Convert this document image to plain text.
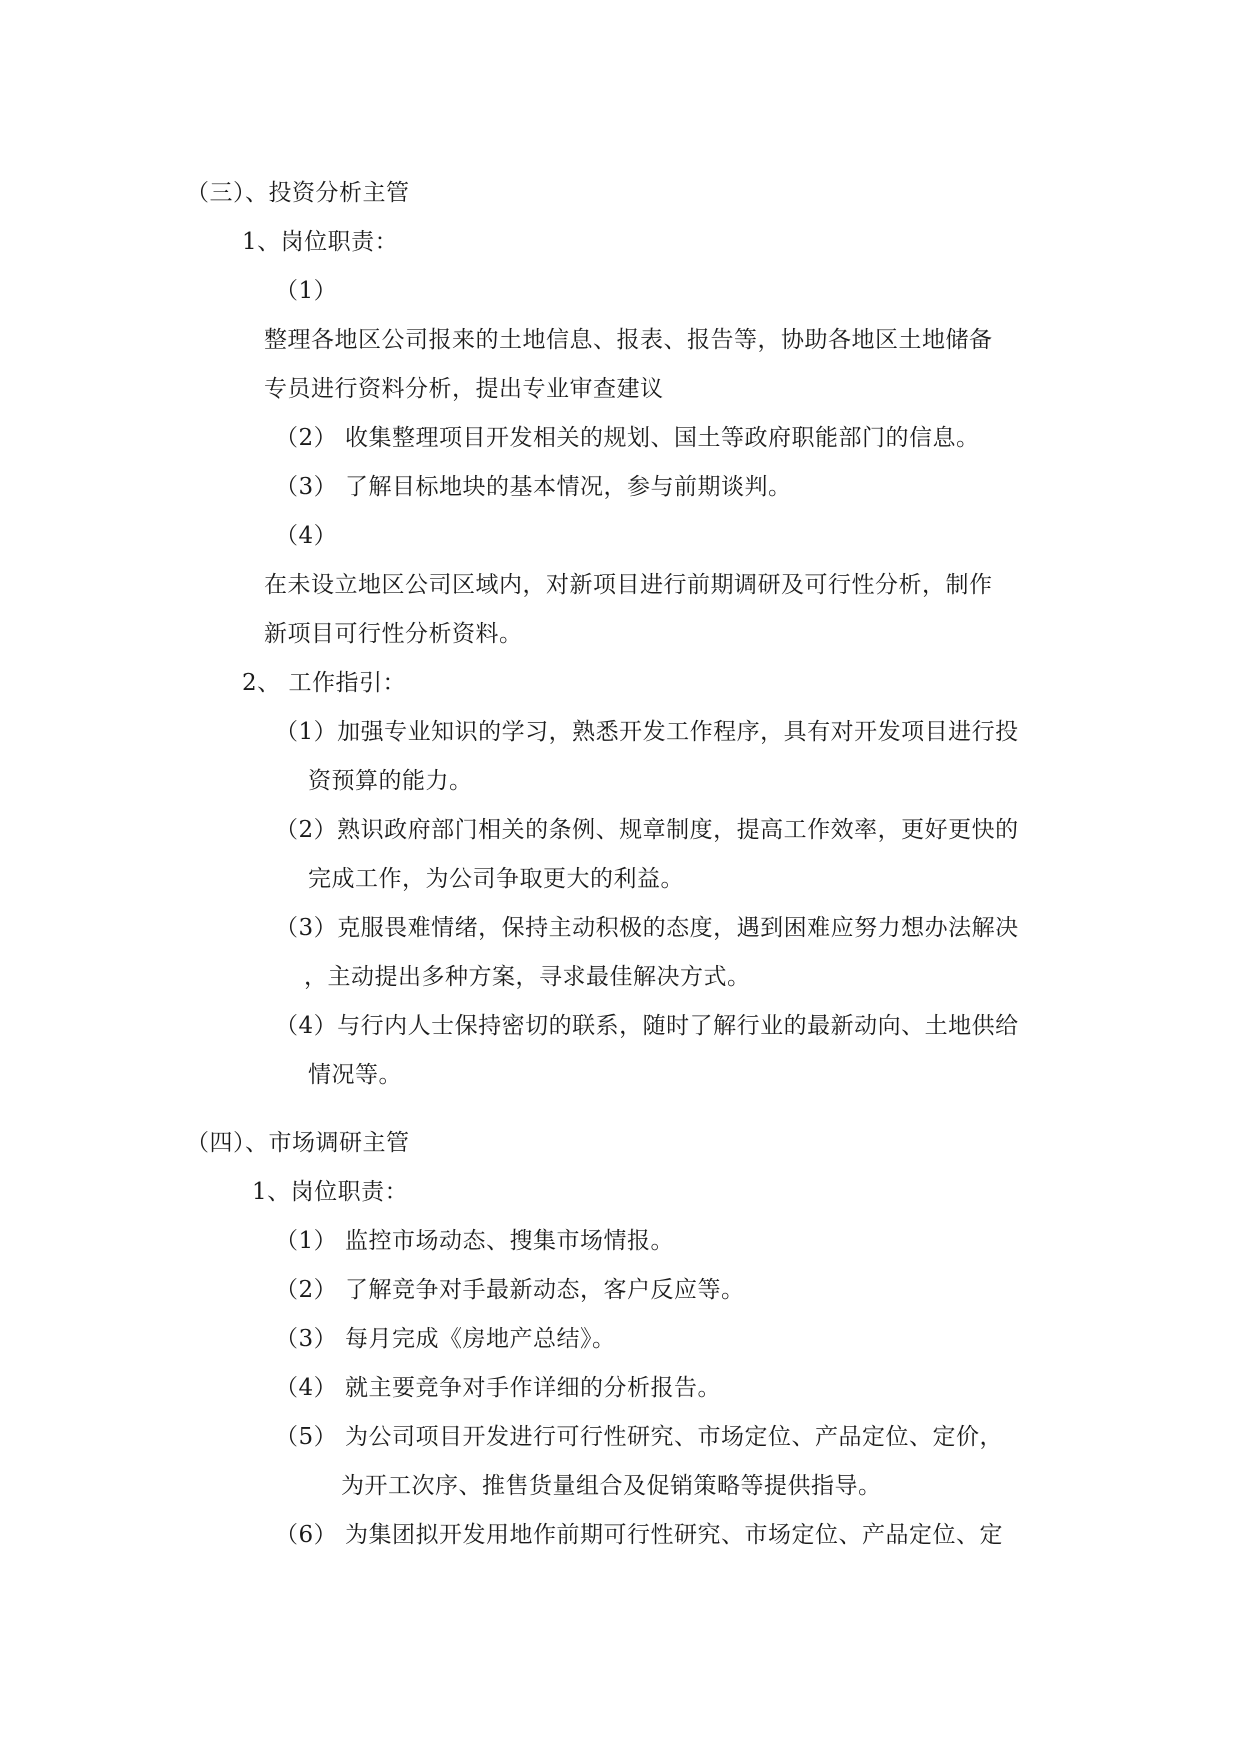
（三）、投资分析主管
1、岗位职责：
（1）
整理各地区公司报来的土地信息、报表、报告等，协助各地区土地储备
专员进行资料分析，提出专业审查建议
（2） 收集整理项目开发相关的规划、国土等政府职能部门的信息。
（3） 了解目标地块的基本情况，参与前期谈判。
（4）
在未设立地区公司区域内，对新项目进行前期调研及可行性分析，制作
新项目可行性分析资料。
2、 工作指引：
（1）加强专业知识的学习，熟悉开发工作程序，具有对开发项目进行投
资预算的能力。
（2）熟识政府部门相关的条例、规章制度，提高工作效率，更好更快的
完成工作，为公司争取更大的利益。
（3）克服畏难情绪，保持主动积极的态度，遇到困难应努力想办法解决
，主动提出多种方案，寻求最佳解决方式。
（4）与行内人士保持密切的联系，随时了解行业的最新动向、土地供给
情况等。
（四）、市场调研主管
1、岗位职责：
（1） 监控市场动态、搜集市场情报。
（2） 了解竞争对手最新动态，客户反应等。
（3） 每月完成《房地产总结》。
（4） 就主要竞争对手作详细的分析报告。
（5） 为公司项目开发进行可行性研究、市场定位、产品定位、定价，
为开工次序、推售货量组合及促销策略等提供指导。
（6） 为集团拟开发用地作前期可行性研究、市场定位、产品定位、定
